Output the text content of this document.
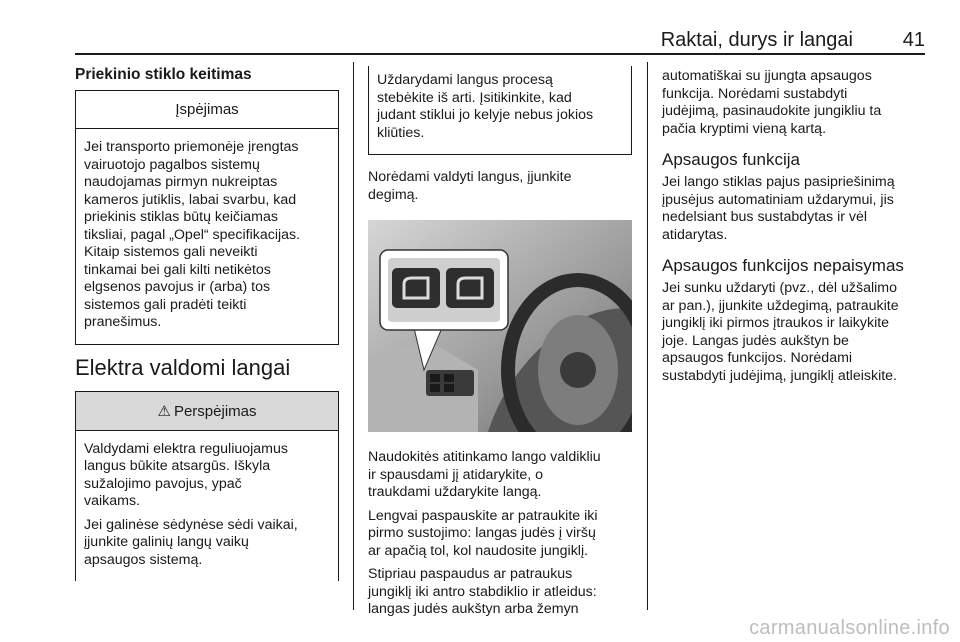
Raktai, durys ir langai 41
Priekinio stiklo keitimas
Įspėjimas

Jei transporto priemonėje įrengtas
vairuotojo pagalbos sistemų
naudojamas pirmyn nukreiptas
kameros jutiklis, labai svarbu, kad
priekinis stiklas būtų keičiamas
tiksliai, pagal „Opel“ specifikacijas.
Kitaip sistemos gali neveikti
tinkamai bei gali kilti netikėtos
elgsenos pavojus ir (arba) tos
sistemos gali pradėti teikti
pranešimus.

Elektra valdomi langai
⚠ Perspėjimas

Valdydami elektra reguliuojamus
langus būkite atsargūs. Iškyla
sužalojimo pavojus, ypač
vaikams.

Jei galinėse sėdynėse sėdi vaikai,
įjunkite galinių langų vaikų
apsaugos sistemą.

Uždarydami langus procesą
stebėkite iš arti. Įsitikinkite, kad
judant stiklui jo kelyje nebus jokios
kliūties.

Norėdami valdyti langus, įjunkite
degimą.

Naudokitės atitinkamo lango valdikliu
ir spausdami jį atidarykite, o
traukdami uždarykite langą.

Lengvai paspauskite ar patraukite iki
pirmo sustojimo: langas judės į viršų
ar apačią tol, kol naudosite jungiklį.

Stipriau paspaudus ar patraukus
jungiklį iki antro stabdiklio ir atleidus:
langas judės aukštyn arba žemyn

automatiškai su įjungta apsaugos
funkcija. Norėdami sustabdyti
judėjimą, pasinaudokite jungikliu ta
pačia kryptimi vieną kartą.

Apsaugos funkcija

Jei lango stiklas pajus pasipriešinimą
įpusėjus automatiniam uždarymui, jis
nedelsiant bus sustabdytas ir vėl
atidarytas.

Apsaugos funkcijos nepaisymas

Jei sunku uždaryti (pvz., dėl užšalimo
ar pan.), įjunkite uždegimą, patraukite
jungiklį iki pirmos įtraukos ir laikykite
joje. Langas judės aukštyn be
apsaugos funkcijos. Norėdami
sustabdyti judėjimą, jungiklį atleiskite.

carmanualsonline.info
